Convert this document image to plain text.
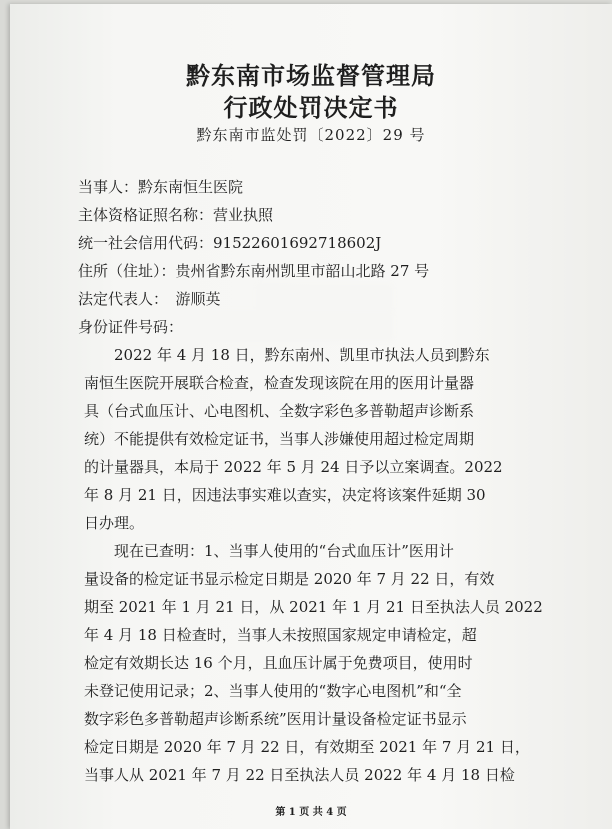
黔东南市场监督管理局
行政处罚决定书
黔东南市监处罚〔2022〕29 号
当事人：黔东南恒生医院
主体资格证照名称：营业执照
统一社会信用代码：91522601692718602J
住所（住址）：贵州省黔东南州凯里市韶山北路 27 号
法定代表人：　游顺英
身份证件号码：
　　2022 年 4 月 18 日，黔东南州、凯里市执法人员到黔东
南恒生医院开展联合检查，检查发现该院在用的医用计量器
具（台式血压计、心电图机、全数字彩色多普勒超声诊断系
统）不能提供有效检定证书，当事人涉嫌使用超过检定周期
的计量器具，本局于 2022 年 5 月 24 日予以立案调查。2022
年 8 月 21 日，因违法事实难以查实，决定将该案件延期 30
日办理。
　　现在已查明：1、当事人使用的“台式血压计”医用计
量设备的检定证书显示检定日期是 2020 年 7 月 22 日，有效
期至 2021 年 1 月 21 日，从 2021 年 1 月 21 日至执法人员 2022
年 4 月 18 日检查时，当事人未按照国家规定申请检定，超
检定有效期长达 16 个月，且血压计属于免费项目，使用时
未登记使用记录；2、当事人使用的“数字心电图机”和“全
数字彩色多普勒超声诊断系统”医用计量设备检定证书显示
检定日期是 2020 年 7 月 22 日，有效期至 2021 年 7 月 21 日，
当事人从 2021 年 7 月 22 日至执法人员 2022 年 4 月 18 日检
第 1 页 共 4 页
